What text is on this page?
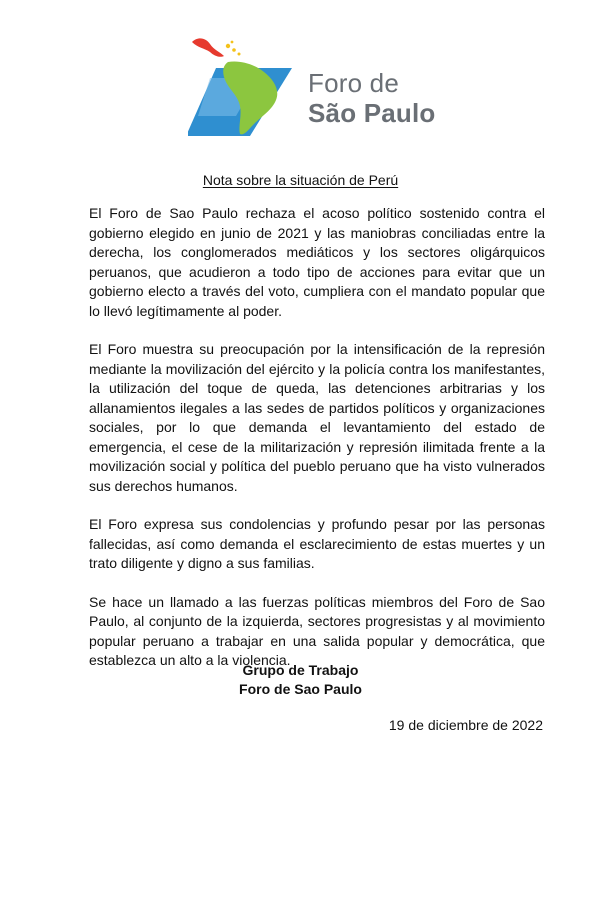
Foro de
São Paulo
Nota sobre la situación de Perú

El Foro de Sao Paulo rechaza el acoso político sostenido contra el gobierno elegido en junio de 2021 y las maniobras conciliadas entre la derecha, los conglomerados mediáticos y los sectores oligárquicos peruanos, que acudieron a todo tipo de acciones para evitar que un gobierno electo a través del voto, cumpliera con el mandato popular que lo llevó legítimamente al poder.

El Foro muestra su preocupación por la intensificación de la represión mediante la movilización del ejército y la policía contra los manifestantes, la utilización del toque de queda, las detenciones arbitrarias y los allanamientos ilegales a las sedes de partidos políticos y organizaciones sociales, por lo que demanda el levantamiento del estado de emergencia, el cese de la militarización y represión ilimitada frente a la movilización social y política del pueblo peruano que ha visto vulnerados sus derechos humanos.

El Foro expresa sus condolencias y profundo pesar por las personas fallecidas, así como demanda el esclarecimiento de estas muertes y un trato diligente y digno a sus familias.

Se hace un llamado a las fuerzas políticas miembros del Foro de Sao Paulo, al conjunto de la izquierda, sectores progresistas y al movimiento popular peruano a trabajar en una salida popular y democrática, que establezca un alto a la violencia.

Grupo de Trabajo
Foro de Sao Paulo
19 de diciembre de 2022
